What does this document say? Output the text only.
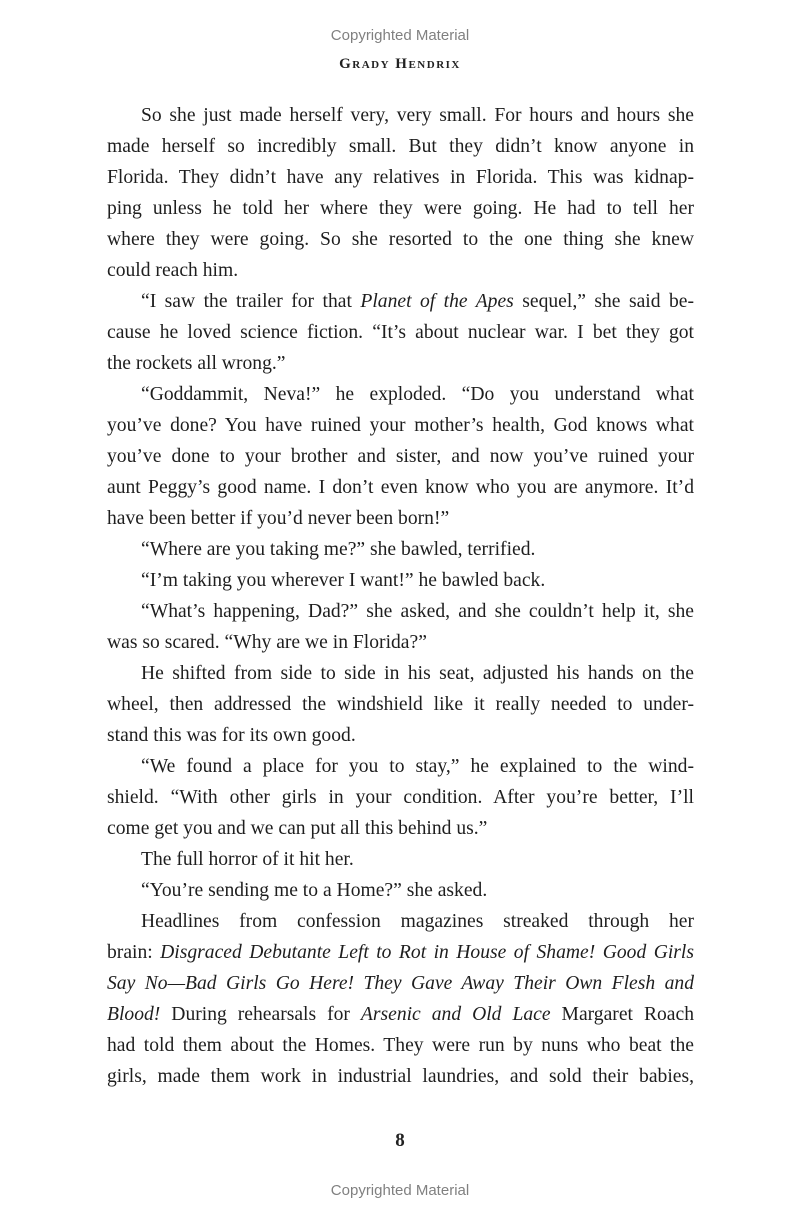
Copyrighted Material
Grady Hendrix
So she just made herself very, very small. For hours and hours she
made herself so incredibly small. But they didn’t know anyone in
Florida. They didn’t have any relatives in Florida. This was kidnap-
ping unless he told her where they were going. He had to tell her
where they were going. So she resorted to the one thing she knew
could reach him.
“I saw the trailer for that Planet of the Apes sequel,” she said be-
cause he loved science fiction. “It’s about nuclear war. I bet they got
the rockets all wrong.”
“Goddammit, Neva!” he exploded. “Do you understand what
you’ve done? You have ruined your mother’s health, God knows what
you’ve done to your brother and sister, and now you’ve ruined your
aunt Peggy’s good name. I don’t even know who you are anymore. It’d
have been better if you’d never been born!”
“Where are you taking me?” she bawled, terrified.
“I’m taking you wherever I want!” he bawled back.
“What’s happening, Dad?” she asked, and she couldn’t help it, she
was so scared. “Why are we in Florida?”
He shifted from side to side in his seat, adjusted his hands on the
wheel, then addressed the windshield like it really needed to under-
stand this was for its own good.
“We found a place for you to stay,” he explained to the wind-
shield. “With other girls in your condition. After you’re better, I’ll
come get you and we can put all this behind us.”
The full horror of it hit her.
“You’re sending me to a Home?” she asked.
Headlines from confession magazines streaked through her
brain: Disgraced Debutante Left to Rot in House of Shame! Good Girls
Say No—Bad Girls Go Here! They Gave Away Their Own Flesh and
Blood! During rehearsals for Arsenic and Old Lace Margaret Roach
had told them about the Homes. They were run by nuns who beat the
girls, made them work in industrial laundries, and sold their babies,
8
Copyrighted Material
